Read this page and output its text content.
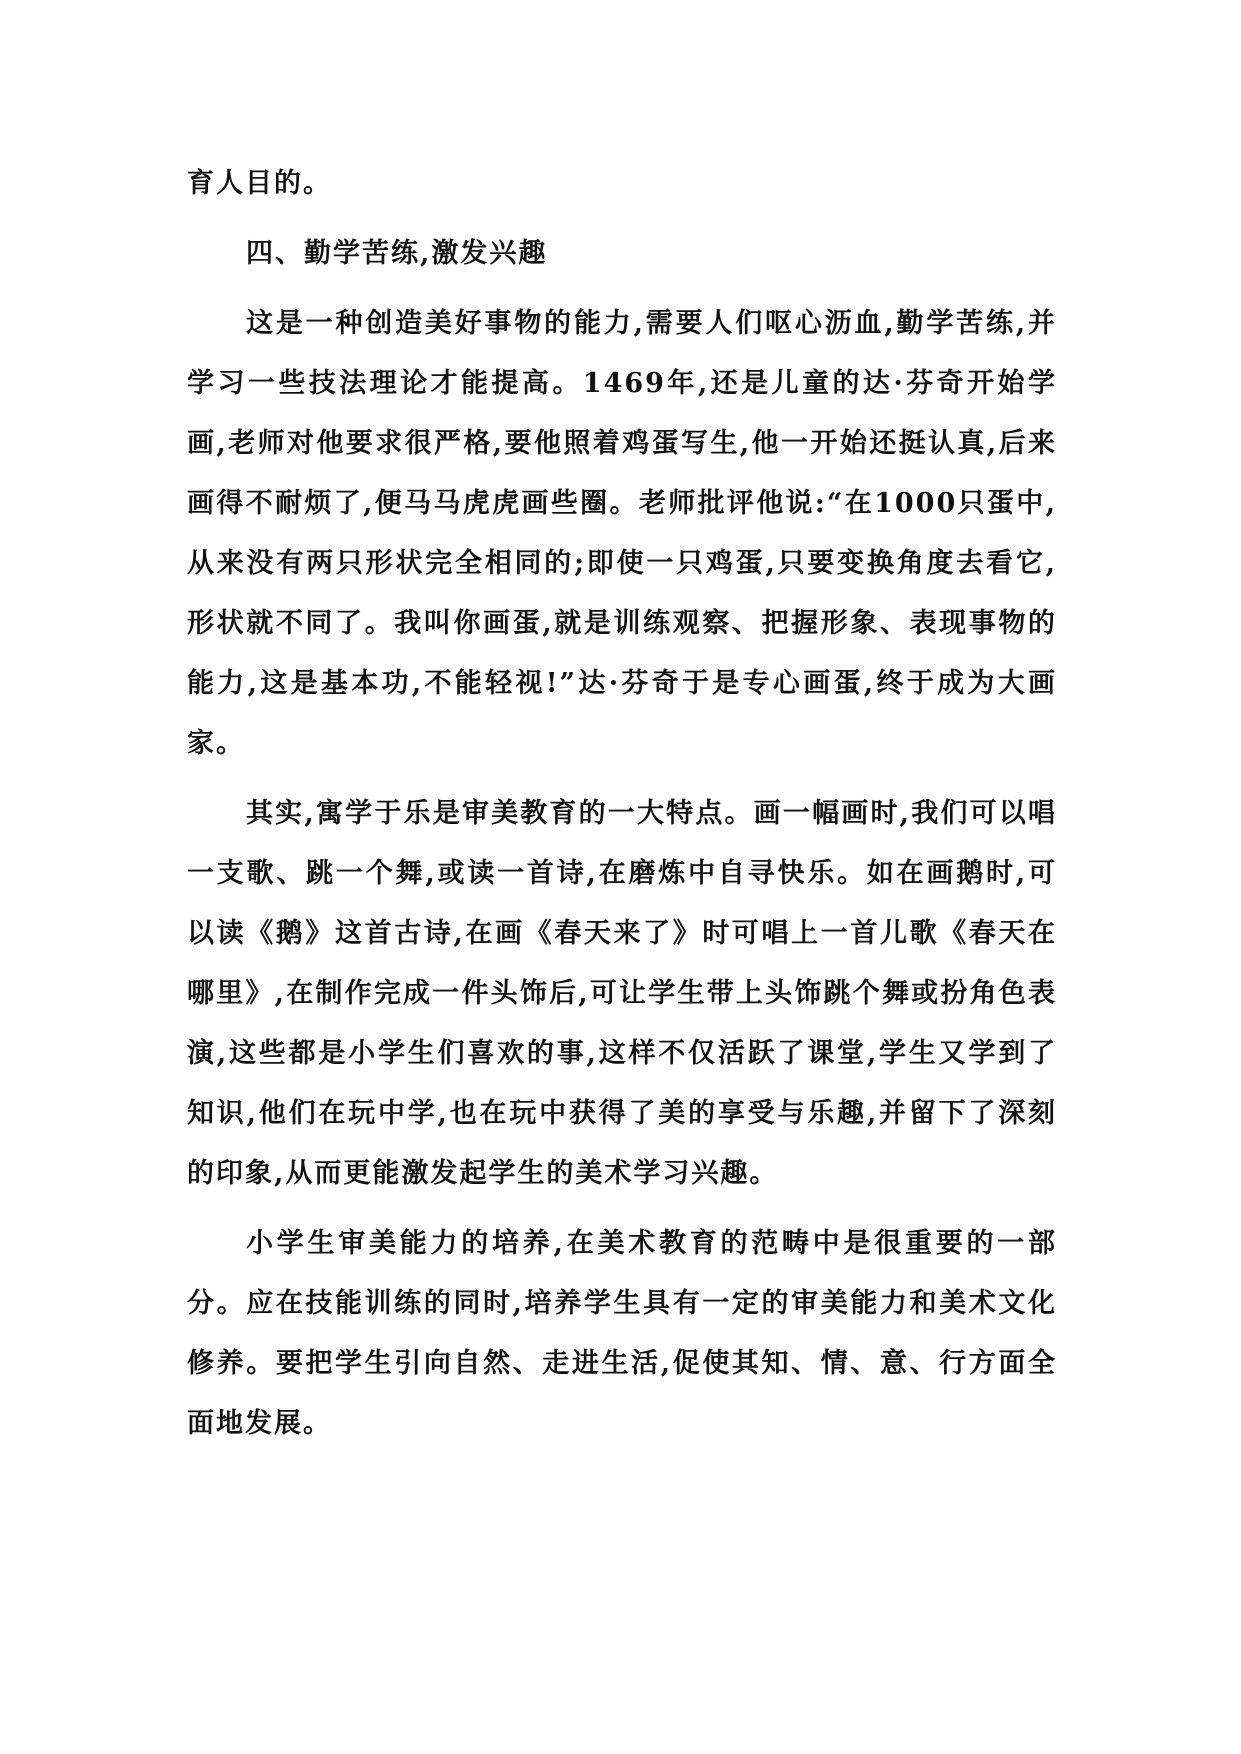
育人目的。

四、勤学苦练,激发兴趣

这是一种创造美好事物的能力,需要人们呕心沥血,勤学苦练,并学习一些技法理论才能提高。1469年,还是儿童的达·芬奇开始学画,老师对他要求很严格,要他照着鸡蛋写生,他一开始还挺认真,后来画得不耐烦了,便马马虎虎画些圈。老师批评他说:“在1000只蛋中,从来没有两只形状完全相同的;即使一只鸡蛋,只要变换角度去看它,形状就不同了。我叫你画蛋,就是训练观察、把握形象、表现事物的能力,这是基本功,不能轻视!”达·芬奇于是专心画蛋,终于成为大画家。

其实,寓学于乐是审美教育的一大特点。画一幅画时,我们可以唱一支歌、跳一个舞,或读一首诗,在磨炼中自寻快乐。如在画鹅时,可以读《鹅》这首古诗,在画《春天来了》时可唱上一首儿歌《春天在哪里》,在制作完成一件头饰后,可让学生带上头饰跳个舞或扮角色表演,这些都是小学生们喜欢的事,这样不仅活跃了课堂,学生又学到了知识,他们在玩中学,也在玩中获得了美的享受与乐趣,并留下了深刻的印象,从而更能激发起学生的美术学习兴趣。

小学生审美能力的培养,在美术教育的范畴中是很重要的一部分。应在技能训练的同时,培养学生具有一定的审美能力和美术文化修养。要把学生引向自然、走进生活,促使其知、情、意、行方面全面地发展。
